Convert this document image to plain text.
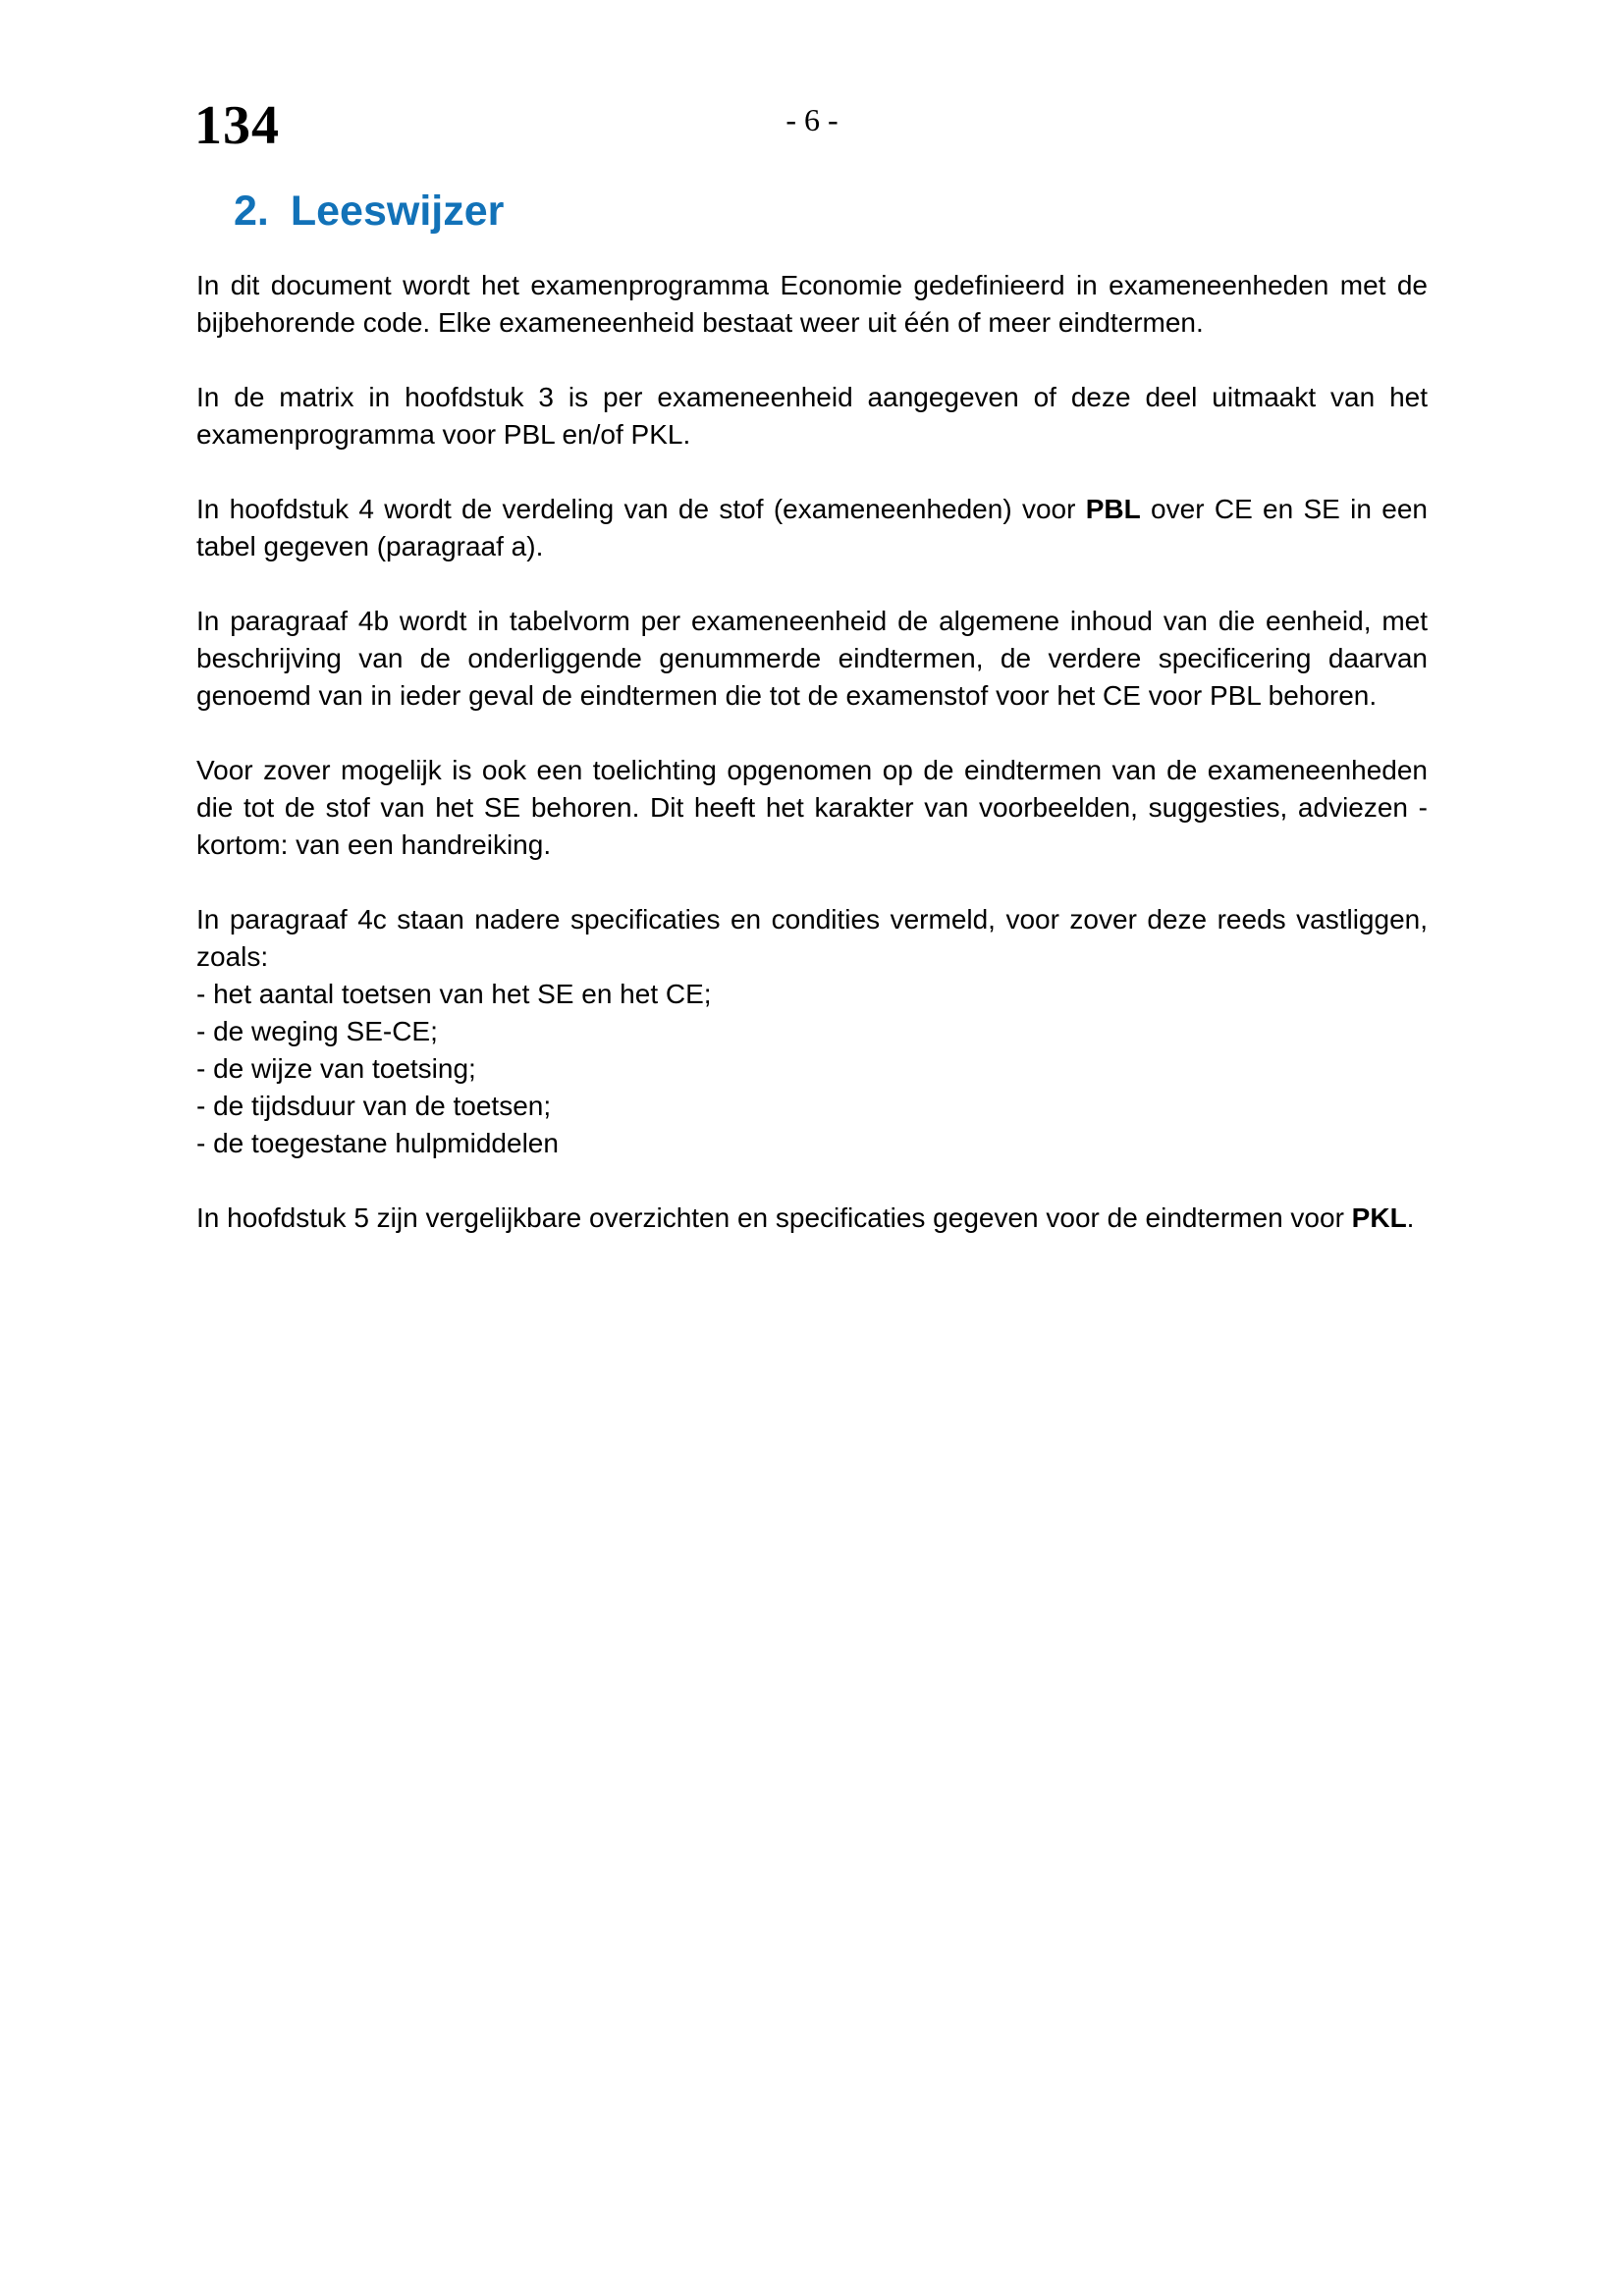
134	- 6 -
2. Leeswijzer

In dit document wordt het examenprogramma Economie gedefinieerd in exameneenheden met de bijbehorende code. Elke exameneenheid bestaat weer uit één of meer eindtermen.

In de matrix in hoofdstuk 3 is per exameneenheid aangegeven of deze deel uitmaakt van het examenprogramma voor PBL en/of PKL.

In hoofdstuk 4 wordt de verdeling van de stof (exameneenheden) voor PBL over CE en SE in een tabel gegeven (paragraaf a).

In paragraaf 4b wordt in tabelvorm per exameneenheid de algemene inhoud van die eenheid, met beschrijving van de onderliggende genummerde eindtermen, de verdere specificering daarvan genoemd van in ieder geval de eindtermen die tot de examenstof voor het CE voor PBL behoren.

Voor zover mogelijk is ook een toelichting opgenomen op de eindtermen van de exameneenheden die tot de stof van het SE behoren. Dit heeft het karakter van voorbeelden, suggesties, adviezen - kortom: van een handreiking.

In paragraaf 4c staan nadere specificaties en condities vermeld, voor zover deze reeds vastliggen, zoals:

- het aantal toetsen van het SE en het CE;
- de weging SE-CE;
- de wijze van toetsing;
- de tijdsduur van de toetsen;
- de toegestane hulpmiddelen

In hoofdstuk 5 zijn vergelijkbare overzichten en specificaties gegeven voor de eindtermen voor PKL.
